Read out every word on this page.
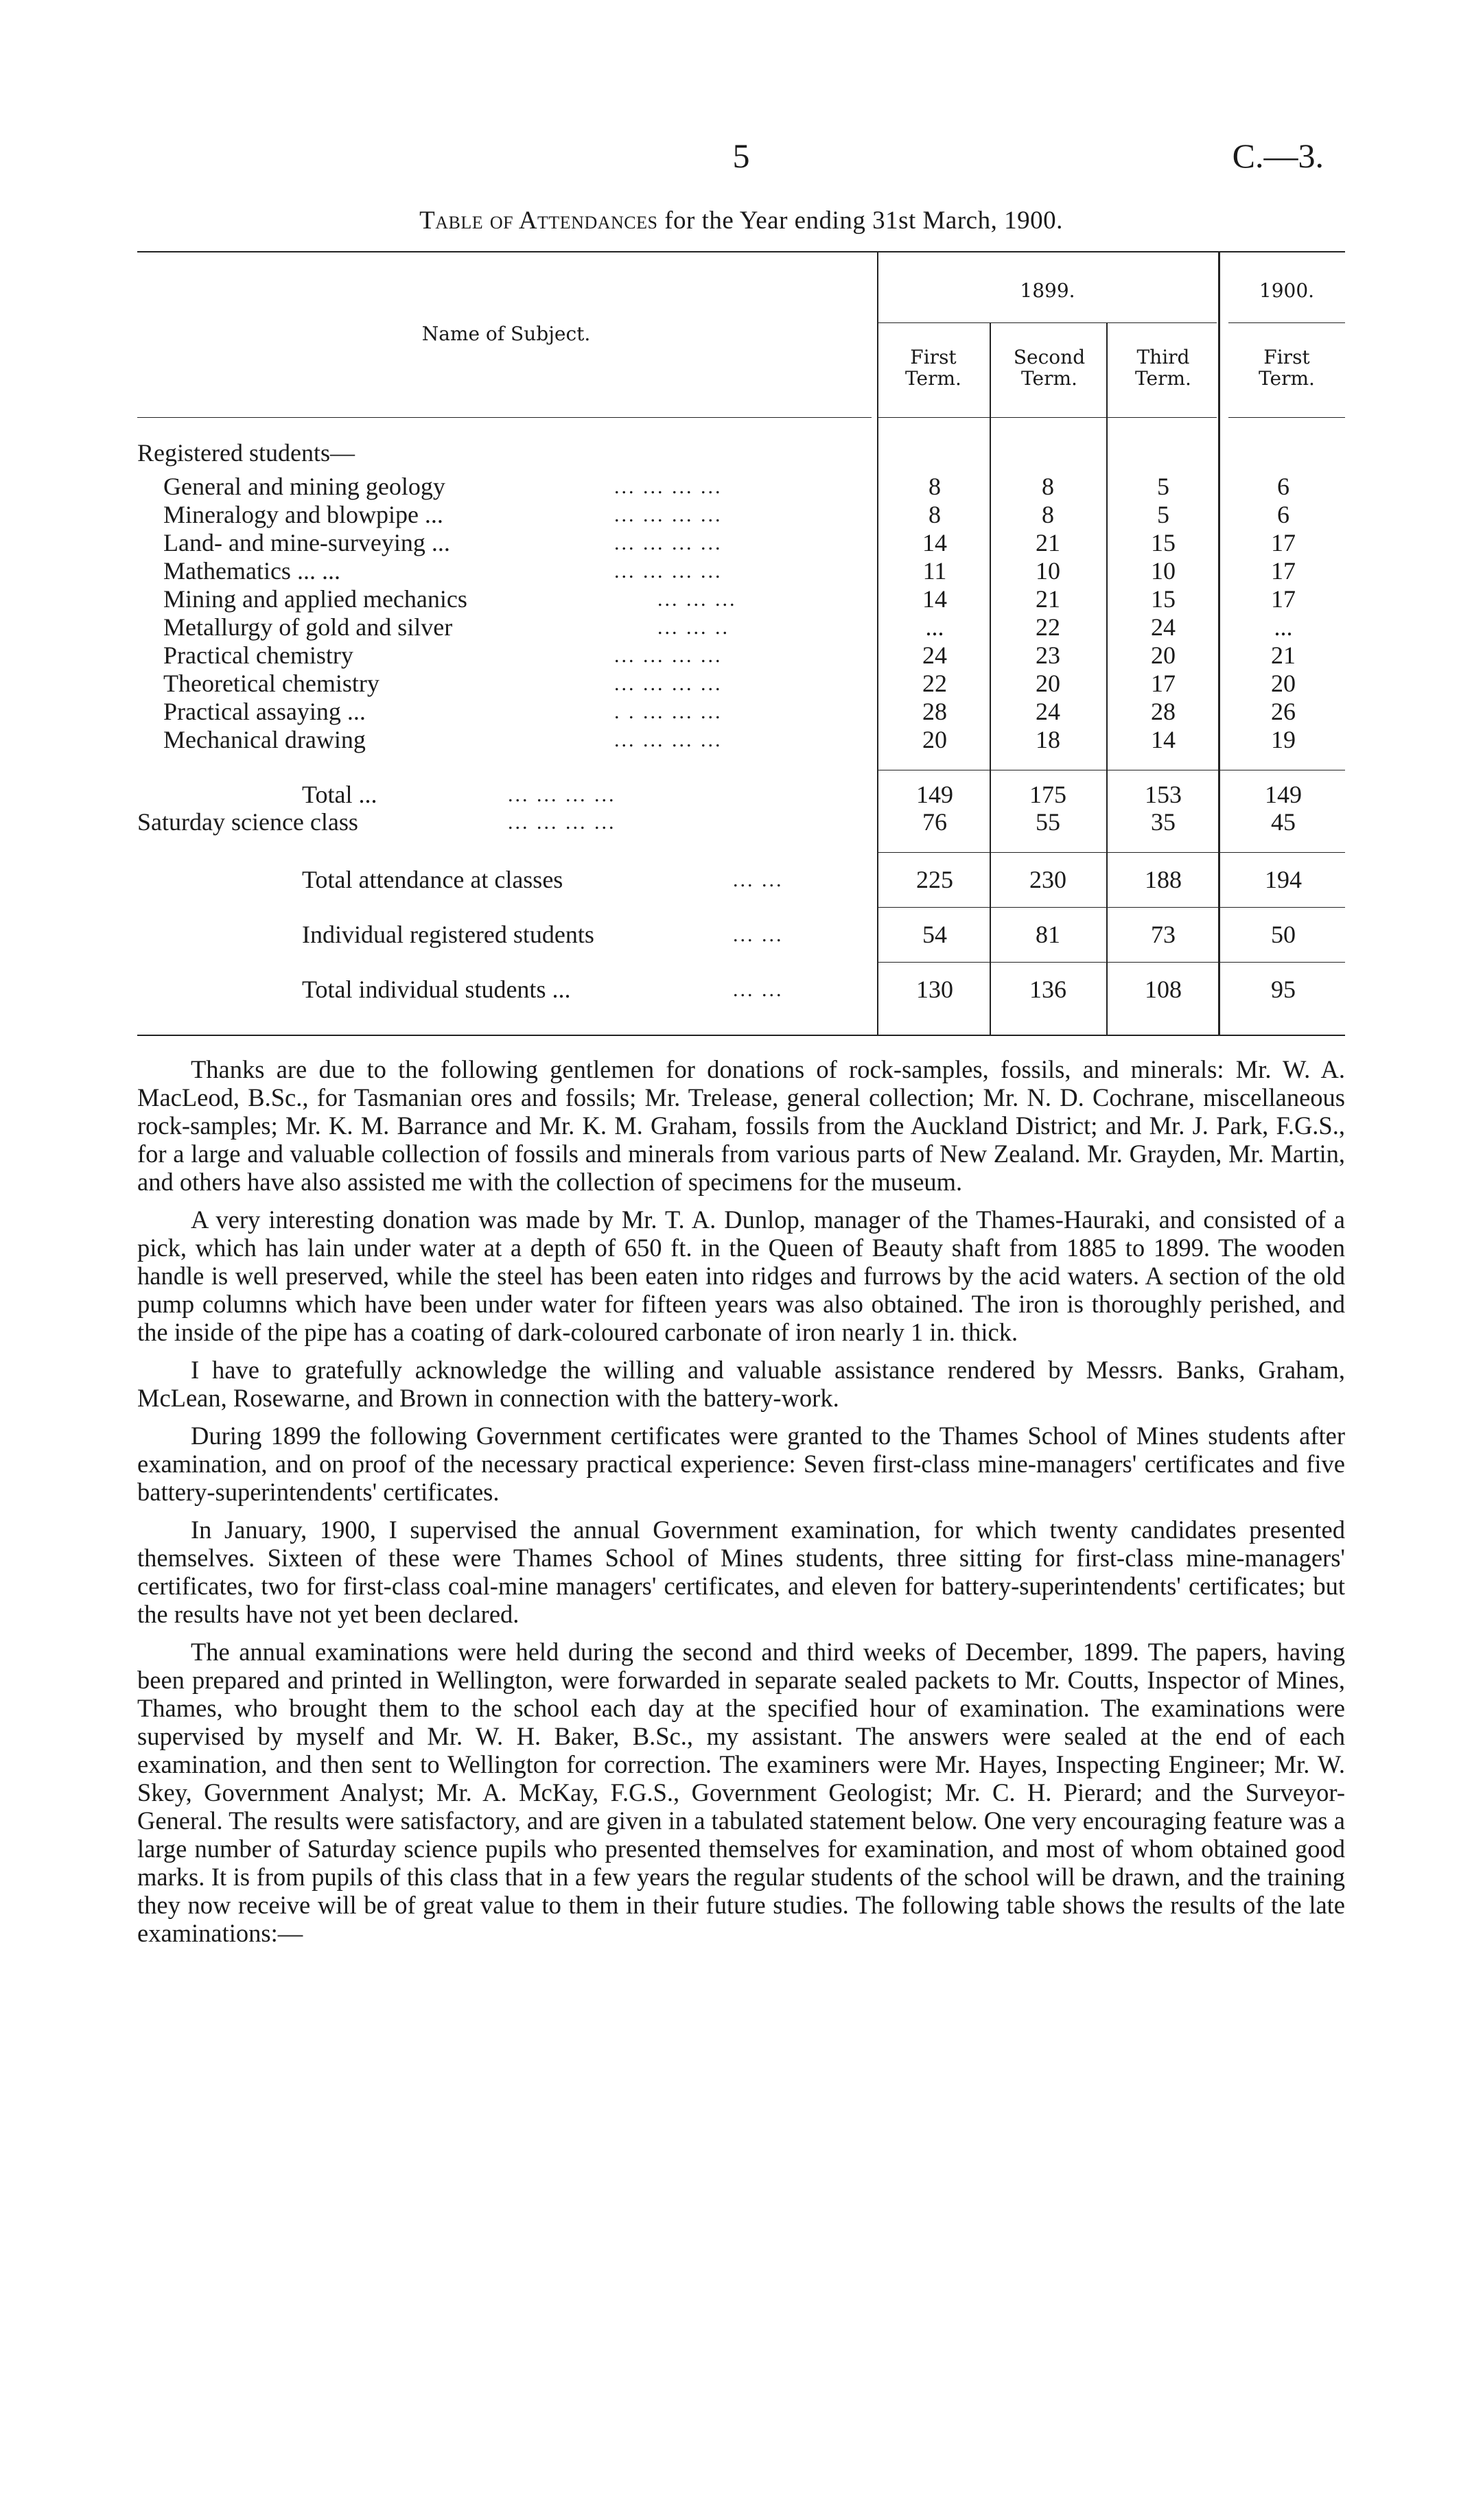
5	C.—3.
Table of Attendances for the Year ending 31st March, 1900.
Name of Subject.
1899.	1900.
First
Term.
Second
Term.
Third
Term.
First
Term.
Registered students—
General and mining geology	... ... ... ...	8	8	5	6
Mineralogy and blowpipe ...	... ... ... ...	8	8	5	6
Land- and mine-surveying ...	... ... ... ...	14	21	15	17
Mathematics ... ...	... ... ... ...	11	10	10	17
Mining and applied mechanics	... ... ...	14	21	15	17
Metallurgy of gold and silver	... ... ..	...	22	24	...
Practical chemistry	... ... ... ...	24	23	20	21
Theoretical chemistry	... ... ... ...	22	20	17	20
Practical assaying ...	. . ... ... ...	28	24	28	26
Mechanical drawing	... ... ... ...	20	18	14	19
Total ...	... ... ... ...	149	175	153	149
Saturday science class	... ... ... ...	76	55	35	45
Total attendance at classes	... ...	225	230	188	194
Individual registered students	... ...	54	81	73	50
Total individual students ...	... ...	130	136	108	95

Thanks are due to the following gentlemen for donations of rock-samples, fossils, and minerals: Mr. W. A. MacLeod, B.Sc., for Tasmanian ores and fossils; Mr. Trelease, general collection; Mr. N. D. Cochrane, miscellaneous rock-samples; Mr. K. M. Barrance and Mr. K. M. Graham, fossils from the Auckland District; and Mr. J. Park, F.G.S., for a large and valuable collection of fossils and minerals from various parts of New Zealand. Mr. Grayden, Mr. Martin, and others have also assisted me with the collection of specimens for the museum.

A very interesting donation was made by Mr. T. A. Dunlop, manager of the Thames-Hauraki, and consisted of a pick, which has lain under water at a depth of 650 ft. in the Queen of Beauty shaft from 1885 to 1899. The wooden handle is well preserved, while the steel has been eaten into ridges and furrows by the acid waters. A section of the old pump columns which have been under water for fifteen years was also obtained. The iron is thoroughly perished, and the inside of the pipe has a coating of dark-coloured carbonate of iron nearly 1 in. thick.

I have to gratefully acknowledge the willing and valuable assistance rendered by Messrs. Banks, Graham, McLean, Rosewarne, and Brown in connection with the battery-work.

During 1899 the following Government certificates were granted to the Thames School of Mines students after examination, and on proof of the necessary practical experience: Seven first-class mine-managers' certificates and five battery-superintendents' certificates.

In January, 1900, I supervised the annual Government examination, for which twenty candidates presented themselves. Sixteen of these were Thames School of Mines students, three sitting for first-class mine-managers' certificates, two for first-class coal-mine managers' certificates, and eleven for battery-superintendents' certificates; but the results have not yet been declared.

The annual examinations were held during the second and third weeks of December, 1899. The papers, having been prepared and printed in Wellington, were forwarded in separate sealed packets to Mr. Coutts, Inspector of Mines, Thames, who brought them to the school each day at the specified hour of examination. The examinations were supervised by myself and Mr. W. H. Baker, B.Sc., my assistant. The answers were sealed at the end of each examination, and then sent to Wellington for correction. The examiners were Mr. Hayes, Inspecting Engineer; Mr. W. Skey, Government Analyst; Mr. A. McKay, F.G.S., Government Geologist; Mr. C. H. Pierard; and the Surveyor-General. The results were satisfactory, and are given in a tabulated statement below. One very encouraging feature was a large number of Saturday science pupils who presented themselves for examination, and most of whom obtained good marks. It is from pupils of this class that in a few years the regular students of the school will be drawn, and the training they now receive will be of great value to them in their future studies. The following table shows the results of the late examinations:—
